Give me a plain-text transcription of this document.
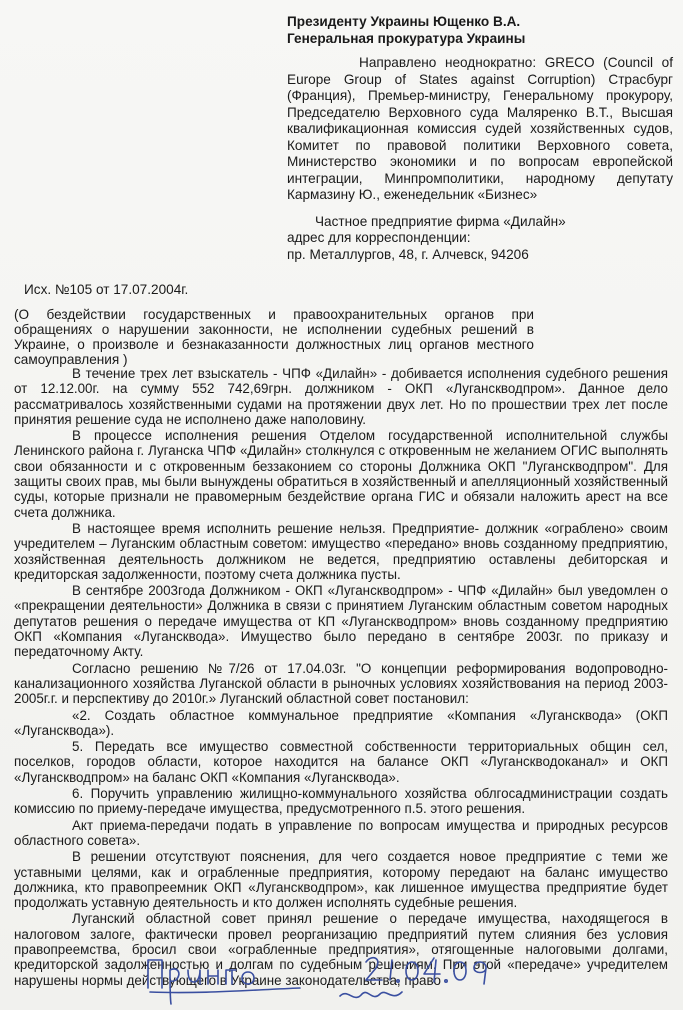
Президенту Украины Ющенко В.А.
Генеральная прокуратура Украины
Направлено неоднократно: GRECO (Council of Europe Group of States against Corruption) Страсбург (Франция), Премьер-министру, Генеральному прокурору, Председателю Верховного суда Маляренко В.Т., Высшая квалификационная комиссия судей хозяйственных судов, Комитет по правовой политики Верховного совета, Министерство экономики и по вопросам европейской интеграции, Минпромполитики, народному депутату Кармазину Ю., еженедельник «Бизнес»
Частное предприятие фирма «Дилайн»
адрес для корреспонденции:
пр. Металлургов, 48, г. Алчевск, 94206
Исх. №105 от 17.07.2004г.
(О бездействии государственных и правоохранительных органов при обращениях о нарушении законности, не исполнении судебных решений в Украине, о произволе и безнаказанности должностных лиц органов местного самоуправления )

В течение трех лет взыскатель - ЧПФ «Дилайн» - добивается исполнения судебного решения от 12.12.00г. на сумму 552 742,69грн. должником - ОКП «Луганскводпром». Данное дело рассматривалось хозяйственными судами на протяжении двух лет. Но по прошествии трех лет после принятия решение суда не исполнено даже наполовину.

В процессе исполнения решения Отделом государственной исполнительной службы Ленинского района г. Луганска ЧПФ «Дилайн» столкнулся с откровенным не желанием ОГИС выполнять свои обязанности и с откровенным беззаконием со стороны Должника ОКП "Луганскводпром". Для защиты своих прав, мы были вынуждены обратиться в хозяйственный и апелляционный хозяйственный суды, которые признали не правомерным бездействие органа ГИС и обязали наложить арест на все счета должника.

В настоящее время исполнить решение нельзя. Предприятие- должник «ограблено» своим учредителем – Луганским областным советом: имущество «передано» вновь созданному предприятию, хозяйственная деятельность должником не ведется, предприятию оставлены дебиторская и кредиторская задолженности, поэтому счета должника пусты.

В сентябре 2003года Должником - ОКП «Луганскводпром» - ЧПФ «Дилайн» был уведомлен о «прекращении деятельности» Должника в связи с принятием Луганским областным советом народных депутатов решения о передаче имущества от КП «Луганскводпром» вновь созданному предприятию ОКП «Компания «Луганскводa». Имущество было передано в сентябре 2003г. по приказу и передаточному Акту.

Согласно решению №7/26 от 17.04.03г. "О концепции реформирования водопроводно-канализационного хозяйства Луганской области в рыночных условиях хозяйствования на период 2003-2005г.г. и перспективу до 2010г.» Луганский областной совет постановил:

«2. Создать областное коммунальное предприятие «Компания «Луганскводa» (ОКП «Луганскводa»).

5. Передать все имущество совместной собственности территориальных общин сел, поселков, городов области, которое находится на балансе ОКП «Луганскводоканал» и ОКП «Луганскводпром» на баланс ОКП «Компания «Луганскводa».

6. Поручить управлению жилищно-коммунального хозяйства облгосадминистрации создать комиссию по приему-передаче имущества, предусмотренного п.5. этого решения.

Акт приема-передачи подать в управление по вопросам имущества и природных ресурсов областного совета».

В решении отсутствуют пояснения, для чего создается новое предприятие с теми же уставными целями, как и ограбленные предприятия, которому передают на баланс имущество должника, кто правопреемник ОКП «Луганскводпром», как лишенное имущества предприятие будет продолжать уставную деятельность и кто должен исполнять судебные решения.

Луганский областной совет принял решение о передаче имущества, находящегося в налоговом залоге, фактически провел реорганизацию предприятий путем слияния без условия правопреемства, бросил свои «ограбленные предприятия», отягощенные налоговыми долгами, кредиторской задолженностью и долгам по судебным решениям. При этой «передаче» учредителем нарушены нормы действующего в Украине законодательства, право
